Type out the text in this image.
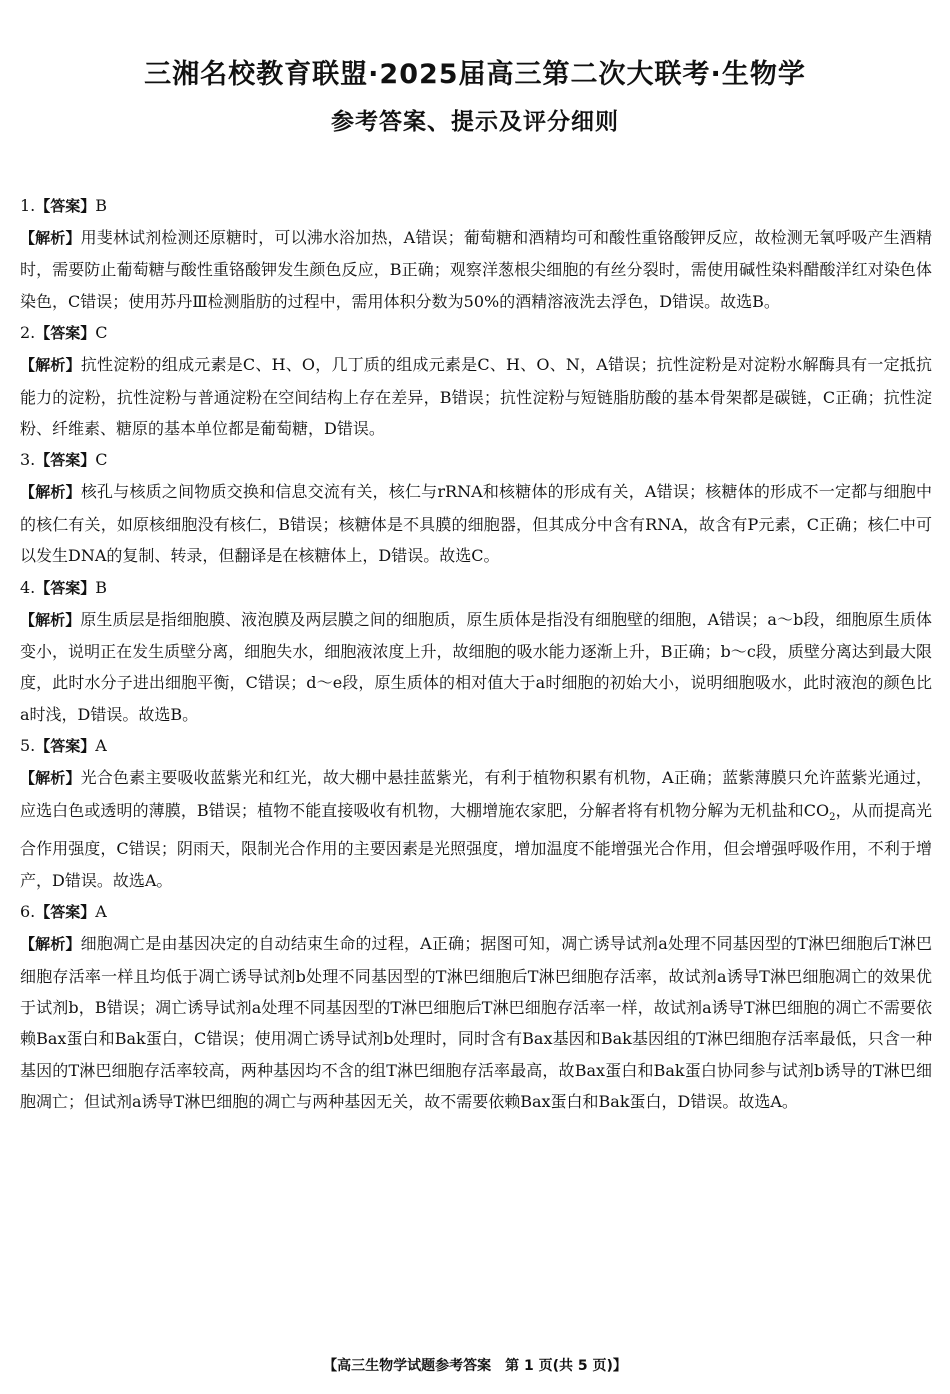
三湘名校教育联盟·2025届高三第二次大联考·生物学
参考答案、提示及评分细则

1.【答案】B

【解析】用斐林试剂检测还原糖时，可以沸水浴加热，A错误；葡萄糖和酒精均可和酸性重铬酸钾反应，故检测无氧呼吸产生酒精时，需要防止葡萄糖与酸性重铬酸钾发生颜色反应，B正确；观察洋葱根尖细胞的有丝分裂时，需使用碱性染料醋酸洋红对染色体染色，C错误；使用苏丹Ⅲ检测脂肪的过程中，需用体积分数为50%的酒精溶液洗去浮色，D错误。故选B。

2.【答案】C

【解析】抗性淀粉的组成元素是C、H、O，几丁质的组成元素是C、H、O、N，A错误；抗性淀粉是对淀粉水解酶具有一定抵抗能力的淀粉，抗性淀粉与普通淀粉在空间结构上存在差异，B错误；抗性淀粉与短链脂肪酸的基本骨架都是碳链，C正确；抗性淀粉、纤维素、糖原的基本单位都是葡萄糖，D错误。

3.【答案】C

【解析】核孔与核质之间物质交换和信息交流有关，核仁与rRNA和核糖体的形成有关，A错误；核糖体的形成不一定都与细胞中的核仁有关，如原核细胞没有核仁，B错误；核糖体是不具膜的细胞器，但其成分中含有RNA，故含有P元素，C正确；核仁中可以发生DNA的复制、转录，但翻译是在核糖体上，D错误。故选C。

4.【答案】B

【解析】原生质层是指细胞膜、液泡膜及两层膜之间的细胞质，原生质体是指没有细胞壁的细胞，A错误；a～b段，细胞原生质体变小，说明正在发生质壁分离，细胞失水，细胞液浓度上升，故细胞的吸水能力逐渐上升，B正确；b～c段，质壁分离达到最大限度，此时水分子进出细胞平衡，C错误；d～e段，原生质体的相对值大于a时细胞的初始大小，说明细胞吸水，此时液泡的颜色比a时浅，D错误。故选B。

5.【答案】A

【解析】光合色素主要吸收蓝紫光和红光，故大棚中悬挂蓝紫光，有利于植物积累有机物，A正确；蓝紫薄膜只允许蓝紫光通过，应选白色或透明的薄膜，B错误；植物不能直接吸收有机物，大棚增施农家肥，分解者将有机物分解为无机盐和$CO_2$，从而提高光合作用强度，C错误；阴雨天，限制光合作用的主要因素是光照强度，增加温度不能增强光合作用，但会增强呼吸作用，不利于增产，D错误。故选A。

6.【答案】A

【解析】细胞凋亡是由基因决定的自动结束生命的过程，A正确；据图可知，凋亡诱导试剂a处理不同基因型的T淋巴细胞后T淋巴细胞存活率一样且均低于凋亡诱导试剂b处理不同基因型的T淋巴细胞后T淋巴细胞存活率，故试剂a诱导T淋巴细胞凋亡的效果优于试剂b，B错误；凋亡诱导试剂a处理不同基因型的T淋巴细胞后T淋巴细胞存活率一样，故试剂a诱导T淋巴细胞的凋亡不需要依赖Bax蛋白和Bak蛋白，C错误；使用凋亡诱导试剂b处理时，同时含有Bax基因和Bak基因组的T淋巴细胞存活率最低，只含一种基因的T淋巴细胞存活率较高，两种基因均不含的组T淋巴细胞存活率最高，故Bax蛋白和Bak蛋白协同参与试剂b诱导的T淋巴细胞凋亡；但试剂a诱导T淋巴细胞的凋亡与两种基因无关，故不需要依赖Bax蛋白和Bak蛋白，D错误。故选A。

【高三生物学试题参考答案　第 1 页(共 5 页)】
